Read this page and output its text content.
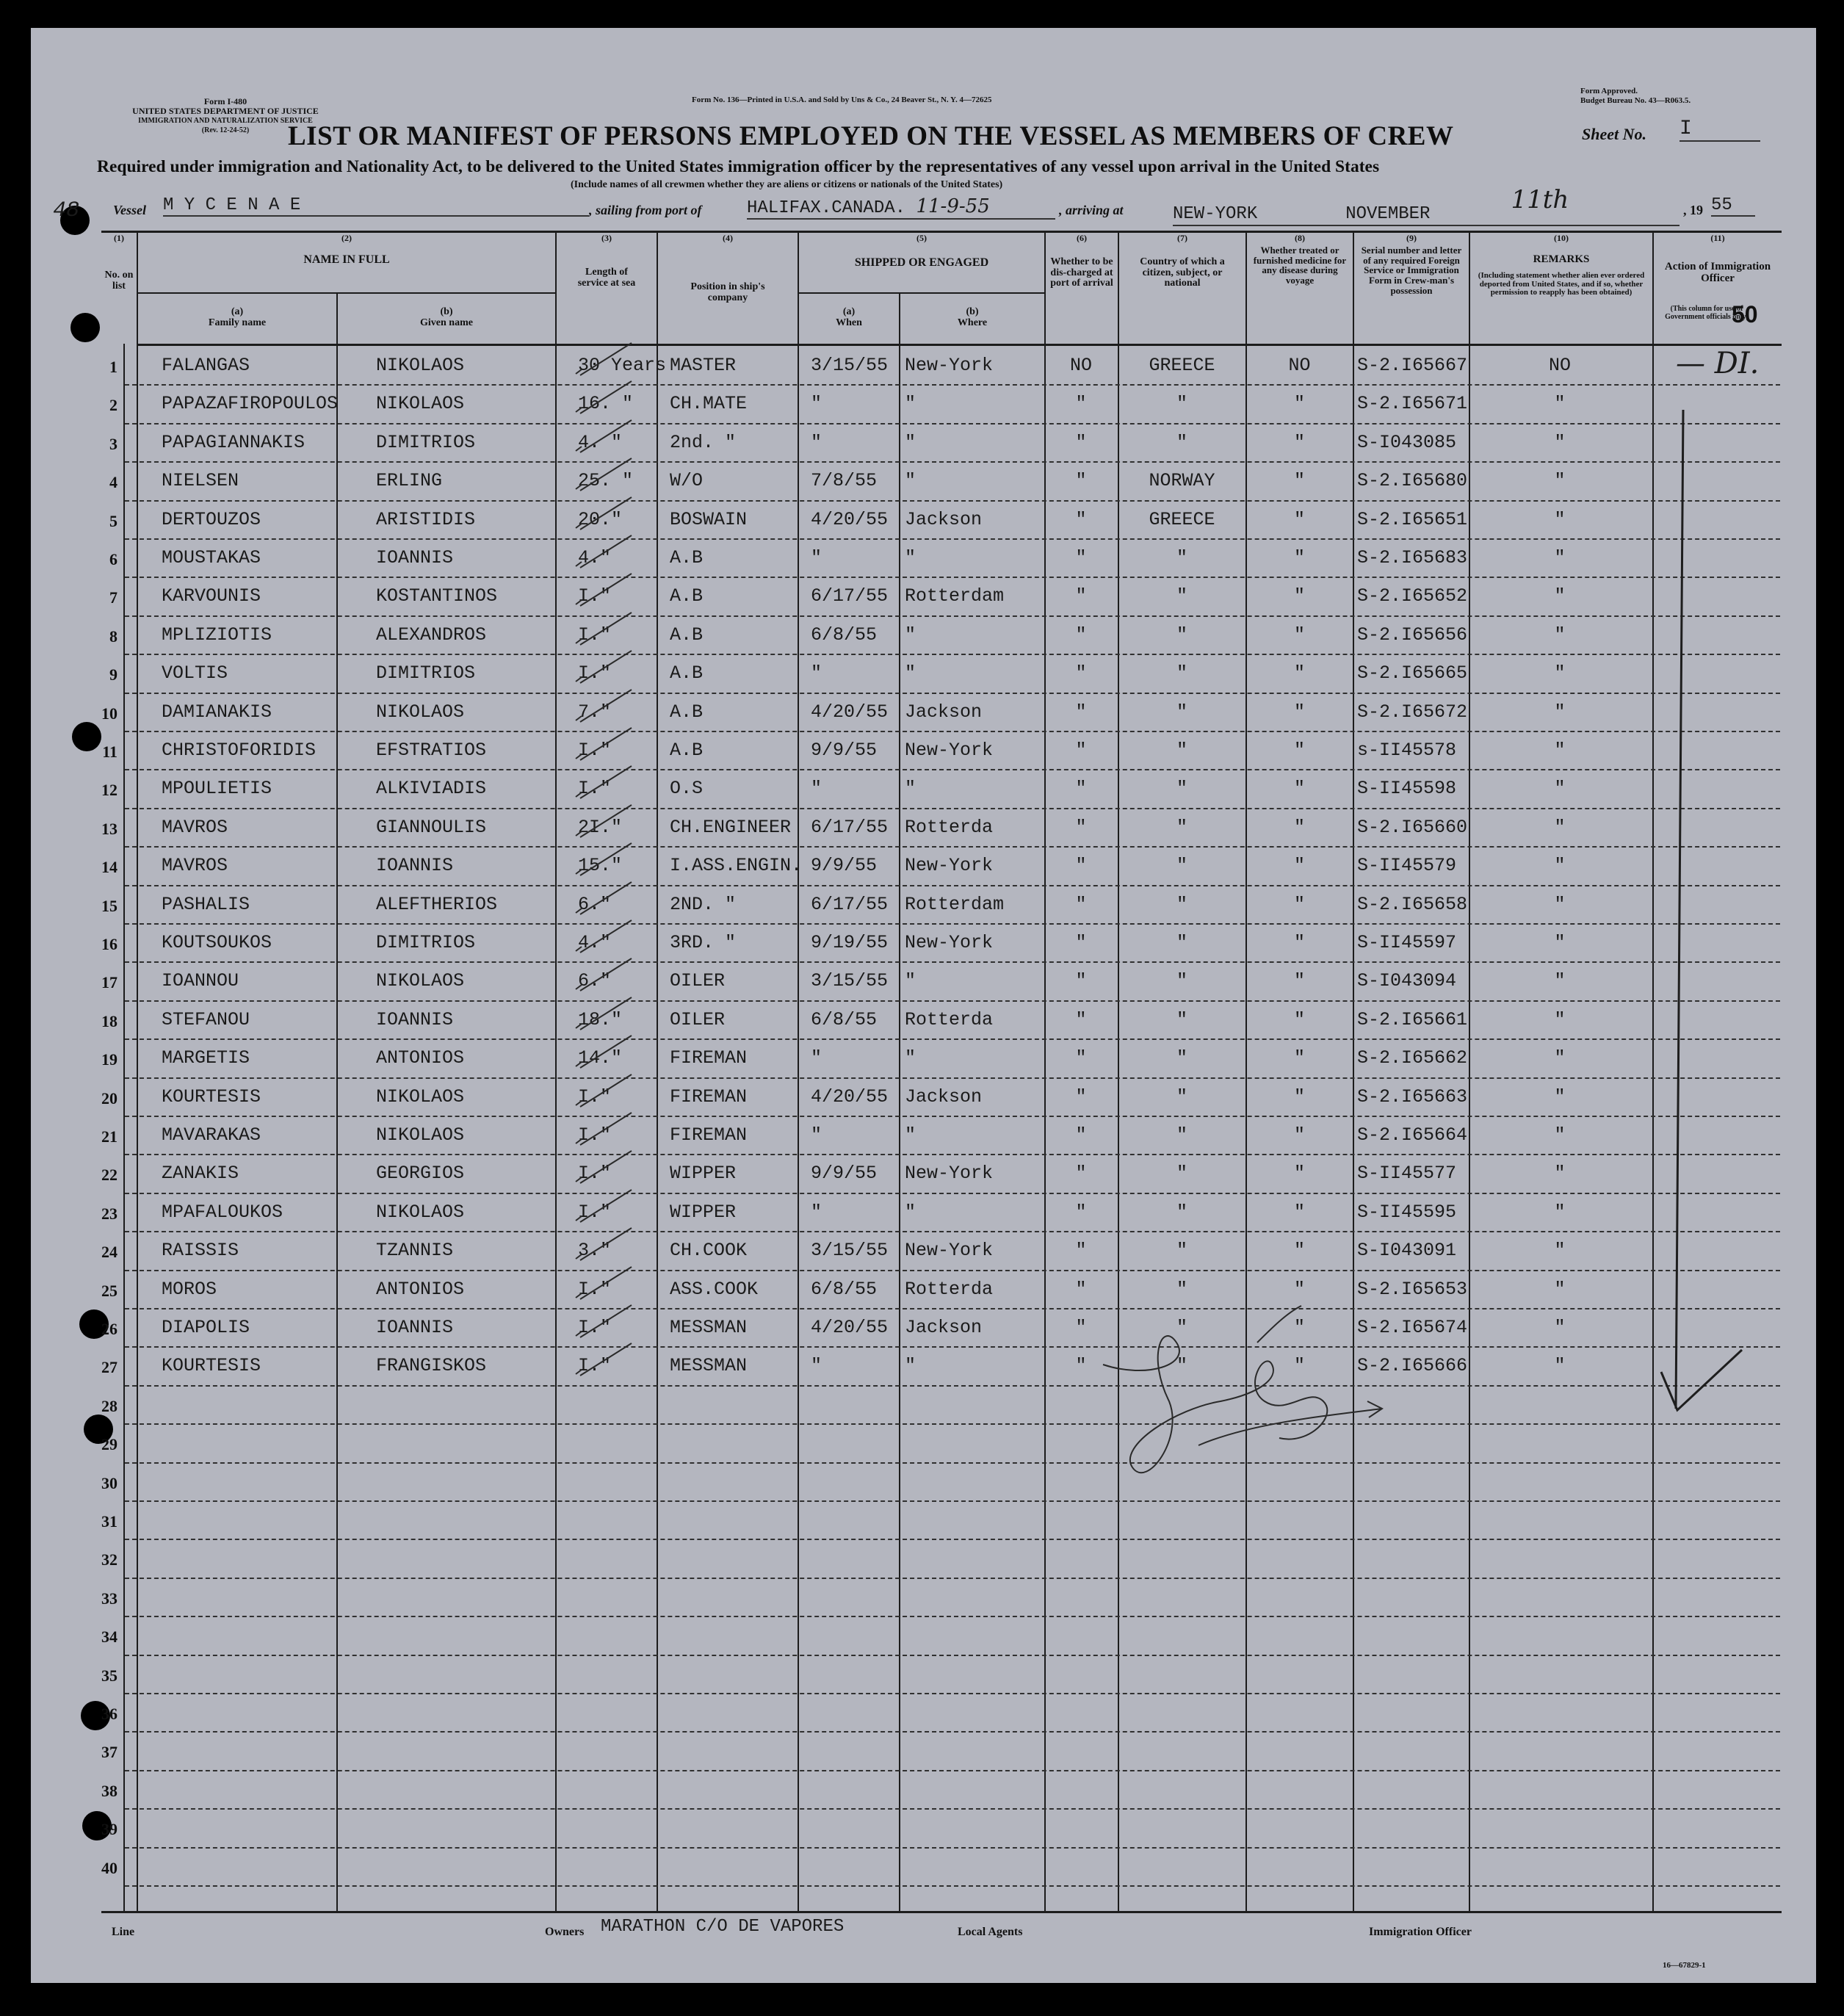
Form I-480
UNITED STATES DEPARTMENT OF JUSTICE
IMMIGRATION AND NATURALIZATION SERVICE
(Rev. 12-24-52)
Form No. 136—Printed in U.S.A. and Sold by Uns & Co., 24 Beaver St., N. Y. 4—72625
Form Approved.
Budget Bureau No. 43—R063.5.
LIST OR MANIFEST OF PERSONS EMPLOYED ON THE VESSEL AS MEMBERS OF CREW	Sheet No. I
Required under immigration and Nationality Act, to be delivered to the United States immigration officer by the representatives of any vessel upon arrival in the United States
(Include names of all crewmen whether they are aliens or citizens or nationals of the United States)
48	Vessel M Y C E N A E	, sailing from port of	HALIFAX.CANADA. 11-9-55	, arriving at	NEW-YORK	NOVEMBER	11th	, 19 55
(1)
No. on list
(2)
NAME IN FULL
(a)
Family name
(b)
Given name
(3)
Length of service at sea
(4)
Position in ship's company
(5)
SHIPPED OR ENGAGED
(a)
When
(b)
Where
(6)
Whether to be dis-charged at port of arrival
(7)
Country of which a citizen, subject, or national
(8)
Whether treated or furnished medicine for any disease during voyage
(9)
Serial number and letter of any required Foreign Service or Immigration Form in Crew-man's possession
(10)
REMARKS
(Including statement whether alien ever ordered deported from United States, and if so, whether permission to reapply has been obtained)
(11)
Action of Immigration Officer
(This column for use of Government officials only)
50
1 FALANGAS	NIKOLAOS	30 Years MASTER	3/15/55 New-York	NO	GREECE	NO	S-2.I65667	NO
2 PAPAZAFIROPOULOS NIKOLAOS	16. " CH.MATE	"	"	"	"	"	S-2.I65671	"
3 PAPAGIANNAKIS	DIMITRIOS	4. "	2nd. "	"	"	"	"	"	S-I043085	"
4 NIELSEN	ERLING	25. " W/O	7/8/55 "	"	NORWAY	"	S-2.I65680	"
5 DERTOUZOS	ARISTIDIS	20."	BOSWAIN	4/20/55 Jackson	"	GREECE	"	S-2.I65651	"
6 MOUSTAKAS	IOANNIS	4."	A.B	"	"	"	"	"	S-2.I65683	"
7 KARVOUNIS	KOSTANTINOS	I."	A.B	6/17/55 Rotterdam	"	"	"	S-2.I65652	"
8 MPLIZIOTIS	ALEXANDROS	I."	A.B	6/8/55 "	"	"	"	S-2.I65656	"
9 VOLTIS	DIMITRIOS	I."	A.B	"	"	"	"	"	S-2.I65665	"
10 DAMIANAKIS	NIKOLAOS	7."	A.B	4/20/55 Jackson	"	"	"	S-2.I65672	"
11 CHRISTOFORIDIS	EFSTRATIOS	I."	A.B	9/9/55 New-York	"	"	"	s-II45578	"
12 MPOULIETIS	ALKIVIADIS	I."	O.S	"	"	"	"	"	S-II45598	"
13 MAVROS	GIANNOULIS	2I."	CH.ENGINEER 6/17/55 Rotterda	"	"	"	S-2.I65660	"
14 MAVROS	IOANNIS	15."	I.ASS.ENGIN. 9/9/55 New-York	"	"	"	S-II45579	"
15 PASHALIS	ALEFTHERIOS	6."	2ND. "	6/17/55 Rotterdam	"	"	"	S-2.I65658	"
16 KOUTSOUKOS	DIMITRIOS	4."	3RD. "	9/19/55 New-York	"	"	"	S-II45597	"
17 IOANNOU	NIKOLAOS	6."	OILER	3/15/55 "	"	"	"	S-I043094	"
18 STEFANOU	IOANNIS	18."	OILER	6/8/55 Rotterda	"	"	"	S-2.I65661	"
19 MARGETIS	ANTONIOS	14."	FIREMAN	"	"	"	"	"	S-2.I65662	"
20 KOURTESIS	NIKOLAOS	I."	FIREMAN	4/20/55 Jackson	"	"	"	S-2.I65663	"
21 MAVARAKAS	NIKOLAOS	I."	FIREMAN	"	"	"	"	"	S-2.I65664	"
22 ZANAKIS	GEORGIOS	I."	WIPPER	9/9/55 New-York	"	"	"	S-II45577	"
23 MPAFALOUKOS	NIKOLAOS	I."	WIPPER	"	"	"	"	"	S-II45595	"
24 RAISSIS	TZANNIS	3."	CH.COOK	3/15/55 New-York	"	"	"	S-I043091	"
25 MOROS	ANTONIOS	I."	ASS.COOK	6/8/55 Rotterda	"	"	"	S-2.I65653	"
26 DIAPOLIS	IOANNIS	I."	MESSMAN	4/20/55 Jackson	"	"	"	S-2.I65674	"
27 KOURTESIS	FRANGISKOS	I."	MESSMAN	"	"	"	"	"	S-2.I65666	"
28
29
30
31
32
33
34
35
36
37
38
39
40
— DI.
Line	Owners MARATHON C/O DE VAPORES	Local Agents	Immigration Officer
16—67829-1
